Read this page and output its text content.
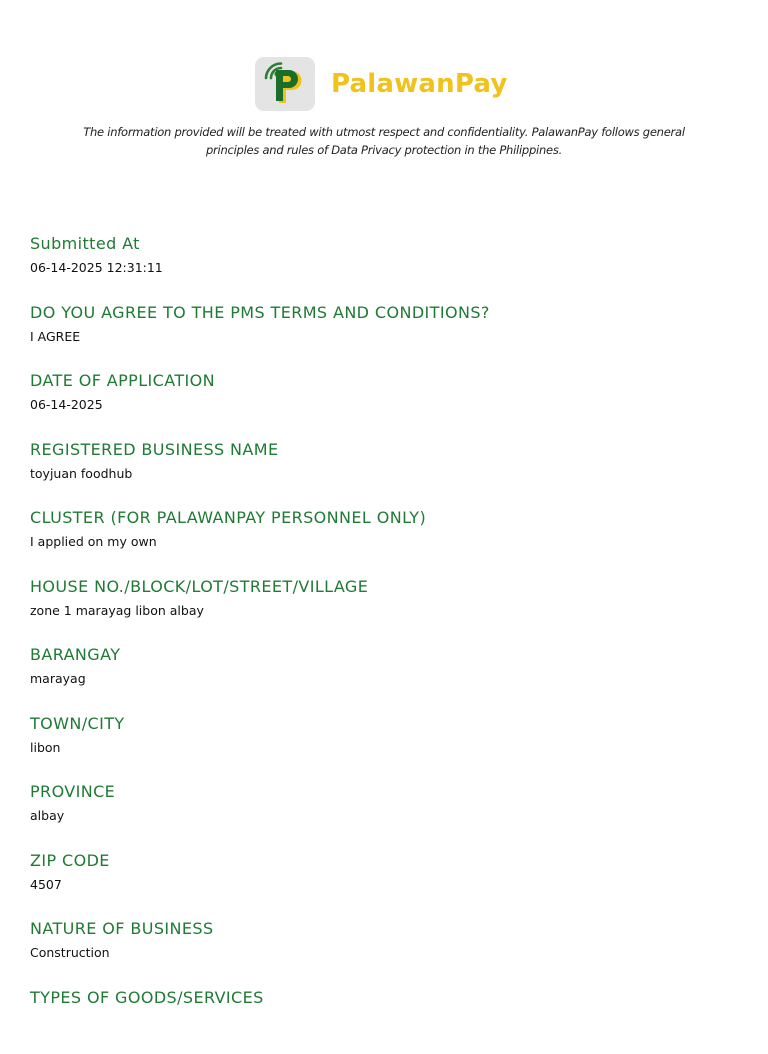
PalawanPay
The information provided will be treated with utmost respect and confidentiality. PalawanPay follows general
principles and rules of Data Privacy protection in the Philippines.
Submitted At
06-14-2025 12:31:11
DO YOU AGREE TO THE PMS TERMS AND CONDITIONS?
I AGREE
DATE OF APPLICATION
06-14-2025
REGISTERED BUSINESS NAME
toyjuan foodhub
CLUSTER (FOR PALAWANPAY PERSONNEL ONLY)
I applied on my own
HOUSE NO./BLOCK/LOT/STREET/VILLAGE
zone 1 marayag libon albay
BARANGAY
marayag
TOWN/CITY
libon
PROVINCE
albay
ZIP CODE
4507
NATURE OF BUSINESS
Construction
TYPES OF GOODS/SERVICES
